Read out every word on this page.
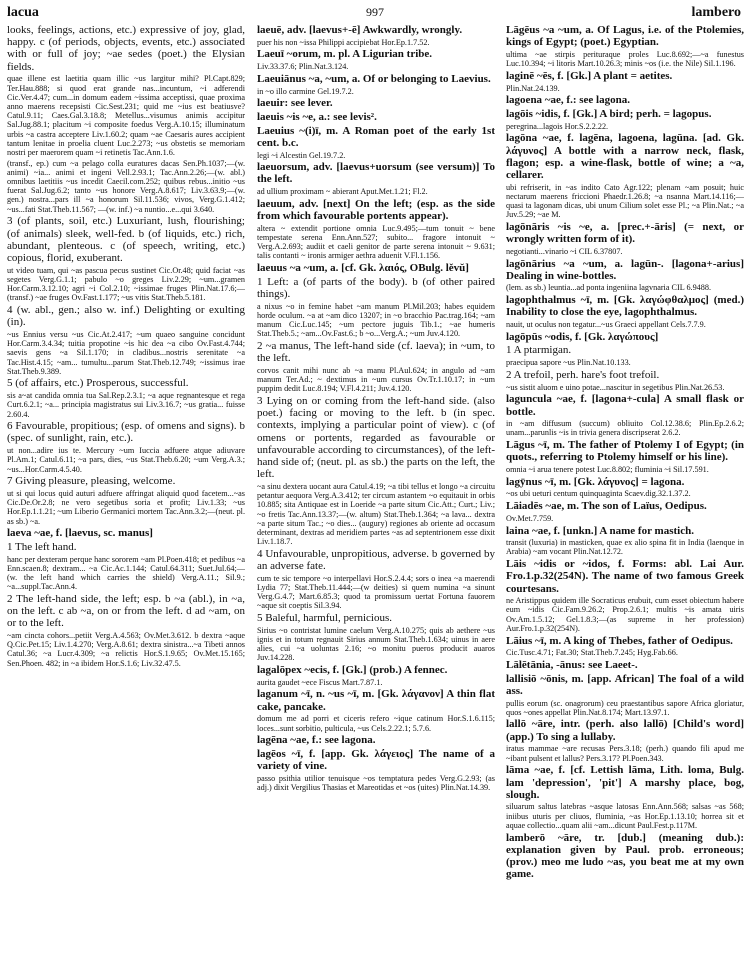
lacua	997	lambero

looks, feelings, actions, etc.) expressive of joy, glad, happy. c (of periods, objects, events, etc.) associated with or full of joy; ~ae sedes (poet.) the Elysian fields.

quae illene est laetitia quam illic ~us largitur mihi? Pl.Capt.829; Ter.Hau.888; si quod erat grande nas...incuntum, ~i adferendi Cic.Ver.4.47; cum...in domum eadem ~issima acceptissi, quae proxima anno maerens recepsisti Cic.Sest.231; quid me ~ius est beatiusve? Catul.9.11; Caes.Gal.3.18.8; Metellus...visumus animis accipitur Sal.Jug.88.1; placitum ~i composite foedus Verg.A.10.15; illuminatum urbis ~a castra acceptere Liv.1.60.2; quam ~ae Caesaris aures accipient tantum lenitae in proelia cluent Luc.2.273; ~us obstetis se memoriam nostri per maerorem quam ~i retinetis Tac.Ann.1.6.

(transf., ep.) cum ~a pelago colla euratures dacas Sen.Ph.1037;—(w. animi) ~ia... animi et ingeni Vell.2.93.1; Tac.Ann.2.26;—(w. abl.) omnibus laetitiis ~us incedit Caecil.com.252; quibus rebus...initio ~us fuerat Sal.Jug.6.2; tanto ~us honore Verg.A.8.617; Liv.3.63.9;—(w. gen.) nostra...pars ill ~a honorum Sil.11.536; vivos, Verg.G.1.412; ~us...fati Stat.Theb.11.567; —(w. inf.) ~a nuntio...e...qui 3.640.

3 (of plants, soil, etc.) Luxuriant, lush, flourishing; (of animals) sleek, well-fed. b (of liquids, etc.) rich, abundant, plenteous. c (of speech, writing, etc.) copious, florid, exuberant.

ut video tuam, qui ~as pascua pecus sustinet Cic.Or.48; quid faciat ~as segetes Verg.G.1.1; pabulo ~o greges Liv.2.29; ~um...gramen Hor.Carm.3.12.10; agri ~i Col.2.10; ~issimae fruges Plin.Nat.17.6;—(transf.) ~ae fruges Ov.Fast.1.177; ~us vitis Stat.Theb.5.181.

4 (w. abl., gen.; also w. inf.) Delighting or exulting (in).

~us Ennius versu ~us Cic.At.2.417; ~um quaeo sanguine concidunt Hor.Carm.3.4.34; tuitia propotine ~is hic dea ~a cibo Ov.Fast.4.744; saevis gens ~a Sil.1.170; in cladibus...nostris serenitate ~a Tac.Hist.4.15; ~am... tumultu...parum Stat.Theb.12.749; ~issimus irae Stat.Theb.9.389.

5 (of affairs, etc.) Prosperous, successful.

sis a~at candida omnia tua Sal.Rep.2.3.1; ~a aque regnantesque et rega Curt.6.2.1; ~a... principia magistratus sui Liv.3.16.7; ~us gratia... fuisse 2.60.4.

6 Favourable, propitious; (esp. of omens and signs). b (spec. of sunlight, rain, etc.).

ut non...adire ius te. Mercury ~um Iuccia adfuere atque adiuvare Pl.Am.1; Catul.6.11; ~a pars, dies, ~us Stat.Theb.6.20; ~um Verg.A.3.; ~us...Hor.Carm.4.5.40.

7 Giving pleasure, pleasing, welcome.

ut si qui locus quid auturi adfuere affringat aliquid quod facetem...~as Cic.De.Or.2.8; ne vero segetibus soria et profit; Liv.1.33; ~us Hor.Ep.1.1.21; ~um Liberio Germanici mortem Tac.Ann.3.2;—(neut. pl. as sb.) ~a.

laeva ~ae, f. [laevus, sc. manus]

1 The left hand.

hanc per dexteram perque hanc sororem ~am Pl.Poen.418; et pedibus ~a Enn.scaen.8; dextram... ~a Cic.Ac.1.144; Catul.64.311; Suet.Jul.64;—(w. the left hand which carries the shield) Verg.A.11.; Sil.9.; ~a...suppl.Tac.Ann.4.

2 The left-hand side, the left; esp. b ~a (abl.), in ~a, on the left. c ab ~a, on or from the left. d ad ~am, on or to the left.

~am cincta cohors...petiit Verg.A.4.563; Ov.Met.3.612. b dextra ~aque Q.Cic.Pet.15; Liv.1.4.270; Verg.A.8.61; dextra sinistra...~a Tibeti annos Catul.36; ~a Lucr.4.309; ~a relictis Hor.S.1.9.65; Ov.Met.15.165; Sen.Phoen. 482; in ~a ibidem Hor.S.1.6; Liv.32.47.5.

laeuē, adv. [laevus+-ē] Awkwardly, wrongly.

puer his non ~issa Philippi accipiebat Hor.Ep.1.7.52.

Laeuī ~orum, m. pl. A Ligurian tribe.

Liv.33.37.6; Plin.Nat.3.124.

Laeuiānus ~a, ~um, a. Of or belonging to Laevius.

in ~o illo carmine Gel.19.7.2.

laeuir: see lever.

laeuis ~is ~e, a.: see levis².

Laeuius ~(i)ī, m. A Roman poet of the early 1st cent. b.c.

legi ~i Alcestin Gel.19.7.2.

laeuorsum, adv. [laevus+uorsum (see versum)] To the left.

ad ullium proximam ~ abierant Aput.Met.1.21; Fl.2.

laeuum, adv. [next] On the left; (esp. as the side from which favourable portents appear).

altera ~ extendit portione omnia Luc.9.495;—tum tonuit ~ bene tempestate serena Enn.Ann.527; subito... fragore intonuit ~ Verg.A.2.693; audiit et caeli genitor de parte serena intonuit ~ 9.631; talis contanti ~ ironis armiger aethra aduenit V.Fl.1.156.

laeuus ~a ~um, a. [cf. Gk. λαιός, OBulg. lěvŭ]

1 Left: a (of parts of the body). b (of other paired things).

a nixus ~o in femine habet ~am manum Pl.Mil.203; habes equidem horde oculum. ~a at ~am dico 13207; in ~o bracchio Pac.trag.164; ~am manum Cic.Luc.145; ~um pectore juguis Tib.1.; ~ae humeris Stat.Theb.5.; ~am...Ov.Fast.6.; b ~o...Verg.A.; ~um Juv.4.120.

2 ~a manus, The left-hand side (cf. laeva); in ~um, to the left.

corvos canit mihi nunc ab ~a manu Pl.Aul.624; in angulo ad ~am manum Ter.Ad.; ~ dextimus in ~um cursus Ov.Tr.1.10.17; in ~um puppim dedit Luc.8.194; V.Fl.4.211; Juv.4.120.

3 Lying on or coming from the left-hand side. (also poet.) facing or moving to the left. b (in spec. contexts, implying a particular point of view). c (of omens or portents, regarded as favourable or unfavourable according to circumstances), of the left-hand side of; (neut. pl. as sb.) the parts on the left, the left.

~a sinu dextera uocant aura Catul.4.19; ~a tibi tellus et longo ~a circuitu petantur aequora Verg.A.3.412; ter circum astantem ~o equitauit in orbis 10.885; sita Antiquae est in Loeride ~a parte situm Cic.Att.; Curt.; Liv.; ~o fretis Tac.Ann.13.37;—(w. altum) Stat.Theb.1.364; ~a lava... dextra ~a parte situm Tac.; ~o dies... (augury) regiones ab oriente ad occasum determinant, dextras ad meridiem partes ~as ad septentrionem esse dixit Liv.1.18.7.

4 Unfavourable, unpropitious, adverse. b governed by an adverse fate.

cum te sic tempore ~o interpellavi Hor.S.2.4.4; sors o inea ~a maerendi Lydia 77; Stat.Theb.11.444;—(w deities) si quem numina ~a sinunt Verg.G.4.7; Mart.6.85.3; quod ta promissum uertat Fortuna fauorem ~aque sit coeptis Sil.3.94.

5 Baleful, harmful, pernicious.

Sirius ~o contristat lumine caelum Verg.A.10.275; quis ab aethere ~us ignis et in totum regnauit Sirius annum Stat.Theb.1.634; uinus in aere alies, cui ~a uoluntas 2.16; ~o monitu pueros producit auaros Juv.14.228.

lagalōpex ~ecis, f. [Gk.] (prob.) A fennec.

aurita gaudet ~ece Fiscus Mart.7.87.1.

laganum ~ī, n. ~us ~ī, m. [Gk. λάγανον] A thin flat cake, pancake.

domum me ad porri et ciceris refero ~ique catinum Hor.S.1.6.115; loces...sunt sorbitio, pulticula, ~us Cels.2.22.1; 5.7.6.

lagēna ~ae, f.: see lagona.

lagēos ~ī, f. [app. Gk. λάγειος] The name of a variety of vine.

passo psithia utilior tenuisque ~os temptatura pedes Verg.G.2.93; (as adj.) dixit Vergilius Thasias et Mareotidas et ~os (uites) Plin.Nat.14.39.

Lāgēus ~a ~um, a. Of Lagus, i.e. of the Ptolemies, kings of Egypt; (poet.) Egyptian.

ultima ~ae stirpis perituraque proles Luc.8.692;—~a funestus Luc.10.394; ~i litoris Mart.10.26.3; minis ~os (i.e. the Nile) Sil.1.196.

laginē ~ēs, f. [Gk.] A plant = aetites.

Plin.Nat.24.139.

lagoena ~ae, f.: see lagona.

lagōis ~idis, f. [Gk.] A bird; perh. = lagopus.

peregrina...lagois Hor.S.2.2.22.

lagōna ~ae, f. lagēna, lagoena, lagūna. [ad. Gk. λάγυνος] A bottle with a narrow neck, flask, flagon; esp. a wine-flask, bottle of wine; a ~a, cellarer.

ubi refriserit, in ~as indito Cato Agr.122; plenam ~am posuit; huic nectarum maerens friccioni Phaedr.1.26.8; ~a nsanna Mart.14.116;—quasi ta lagonam dicas, ubi unum Cilium solet esse Pl.; ~a Plin.Nat.; ~a Juv.5.29; ~ae M.

lagōnāris ~is ~e, a. [prec.+-āris] (= next, or wrongly written form of it).

negotianti...vinario ~i CIL 6.37807.

lagōnārius ~a ~um, a. lagūn-. [lagona+-arius] Dealing in wine-bottles.

(lem. as sb.) leuntia...ad ponta ingeniina lagvnaria CIL 6.9488.

lagophthalmus ~ī, m. [Gk. λαγώφθαλμος] (med.) Inability to close the eye, lagophthalmus.

nauit, ut oculus non tegatur...~us Graeci appellant Cels.7.7.9.

lagōpūs ~odis, f. [Gk. λαγώπους]

1 A ptarmigan.

praecipua sapore ~us Plin.Nat.10.133.

2 A trefoil, perh. hare's foot trefoil.

~us sistit aluom e uino potae...nascitur in segetibus Plin.Nat.26.53.

laguncula ~ae, f. [lagona+-cula] A small flask or bottle.

in ~am diffusum (succum) obliuito Col.12.38.6; Plin.Ep.2.6.2; unam...parunlis ~is in trivia genera discripserat 2.6.2.

Lāgus ~ī, m. The father of Ptolemy I of Egypt; (in quots., referring to Ptolemy himself or his line).

omnia ~i arua tenere potest Luc.8.802; fluminia ~i Sil.17.591.

lagȳnus ~ī, m. [Gk. λάγυνος] = lagona.

~os ubi ueturi centum quinquaginta Scaev.dig.32.1.37.2.

Lāiadēs ~ae, m. The son of Laïus, Oedipus.

Ov.Met.7.759.

laina ~ae, f. [unkn.] A name for mastich.

transit (luxuria) in masticken, quae ex alio spina fit in India (laenque in Arabia) ~am vocant Plin.Nat.12.72.

Lāis ~idis or ~idos, f. Forms: abl. Lai Aur. Fro.1.p.32(254N). The name of two famous Greek courtesans.

ne Aristippus quidem ille Socraticus erubuit, cum esset obiectum habere eum ~idis Cic.Fam.9.26.2; Prop.2.6.1; multis ~is amata uiris Ov.Am.1.5.12; Gel.1.8.3;—(as supreme in her profession) Aur.Fro.1.p.32(254N).

Lāius ~ī, m. A king of Thebes, father of Oedipus.

Cic.Tusc.4.71; Fat.30; Stat.Theb.7.245; Hyg.Fab.66.

Lālētānia, -ānus: see Laeet-.

lallisiō ~ōnis, m. [app. African] The foal of a wild ass.

pullis eorum (sc. onagrorum) ceu praestantibus sapore Africa gloriatur, quos ~ones appellat Plin.Nat.8.174; Mart.13.97.1.

lallō ~āre, intr. (perh. also lallō) [Child's word] (app.) To sing a lullaby.

iratus mammae ~are recusas Pers.3.18; (perh.) quando fili apud me ~ibant pulsent et lallus? Pers.3.17? Pl.Poen.343.

lāma ~ae, f. [cf. Lettish lāma, Lith. loma, Bulg. lam 'depression', 'pit'] A marshy place, bog, slough.

siluarum saltus latebras ~asque latosas Enn.Ann.568; salsas ~as 568; iniibus uturis per cliuos, fluminia, ~as Hor.Ep.1.13.10; horrea sit et aquae collectio...quam alii ~am...dicunt Paul.Fest.p.117M.

lamberō ~āre, tr. [dub.] (meaning dub.): explanation given by Paul. prob. erroneous; (prov.) meo me ludo ~as, you beat me at my own game.
